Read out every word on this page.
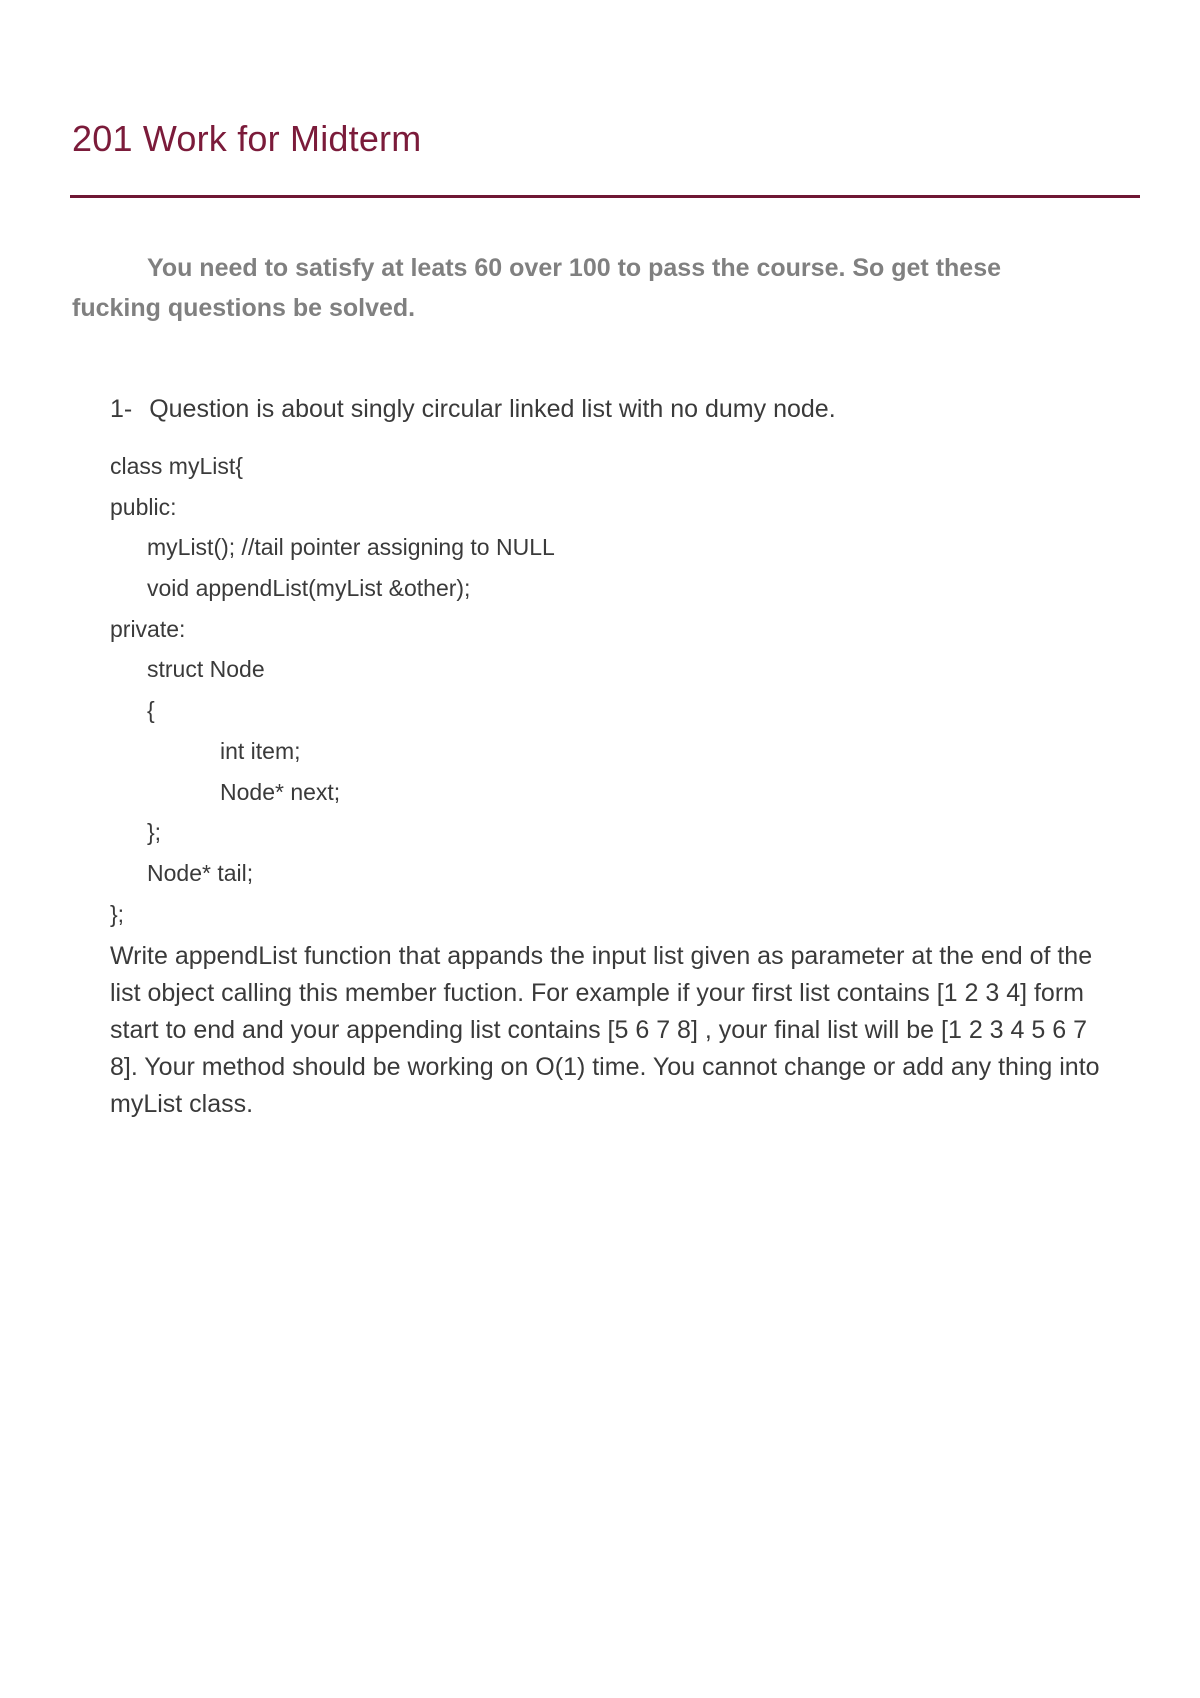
201 Work for Midterm
You need to satisfy at leats 60 over 100 to pass the course. So get these fucking questions be solved.
1- Question is about singly circular linked list with no dumy node.
class myList{
public:
myList(); //tail pointer assigning to NULL
void appendList(myList &other);
private:
struct Node
{
int item;
Node* next;
};
Node* tail;
};
Write appendList function that appands the input list given as parameter at the end of the list object calling this member fuction. For example if your first list contains [1 2 3 4] form start to end and your appending list contains [5 6 7 8] , your final list will be [1 2 3 4 5 6 7 8]. Your method should be working on O(1) time. You cannot change or add any thing into myList class.
